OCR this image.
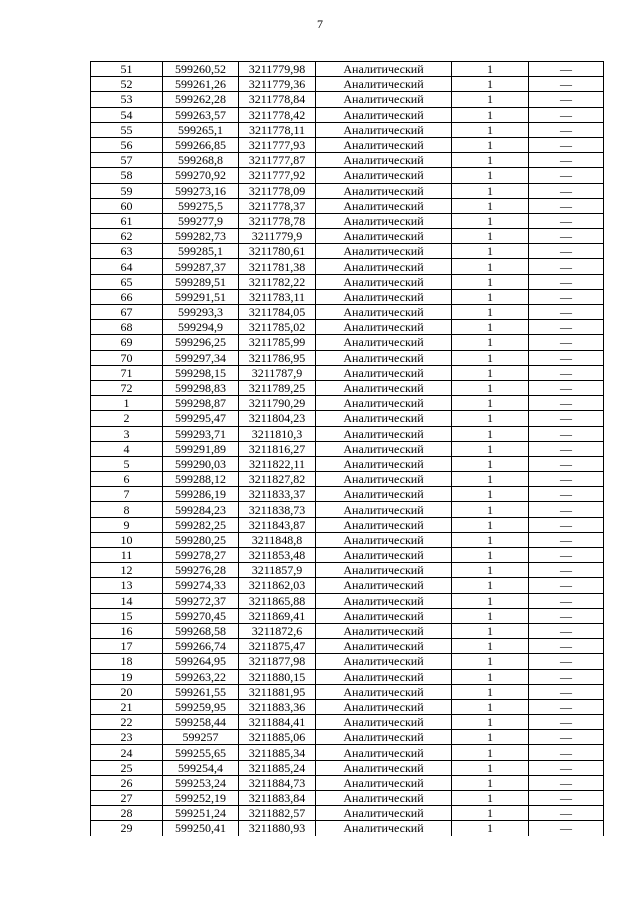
7
51	599260,52	3211779,98	Аналитический	1	—
52	599261,26	3211779,36	Аналитический	1	—
53	599262,28	3211778,84	Аналитический	1	—
54	599263,57	3211778,42	Аналитический	1	—
55	599265,1	3211778,11	Аналитический	1	—
56	599266,85	3211777,93	Аналитический	1	—
57	599268,8	3211777,87	Аналитический	1	—
58	599270,92	3211777,92	Аналитический	1	—
59	599273,16	3211778,09	Аналитический	1	—
60	599275,5	3211778,37	Аналитический	1	—
61	599277,9	3211778,78	Аналитический	1	—
62	599282,73	3211779,9	Аналитический	1	—
63	599285,1	3211780,61	Аналитический	1	—
64	599287,37	3211781,38	Аналитический	1	—
65	599289,51	3211782,22	Аналитический	1	—
66	599291,51	3211783,11	Аналитический	1	—
67	599293,3	3211784,05	Аналитический	1	—
68	599294,9	3211785,02	Аналитический	1	—
69	599296,25	3211785,99	Аналитический	1	—
70	599297,34	3211786,95	Аналитический	1	—
71	599298,15	3211787,9	Аналитический	1	—
72	599298,83	3211789,25	Аналитический	1	—
1	599298,87	3211790,29	Аналитический	1	—
2	599295,47	3211804,23	Аналитический	1	—
3	599293,71	3211810,3	Аналитический	1	—
4	599291,89	3211816,27	Аналитический	1	—
5	599290,03	3211822,11	Аналитический	1	—
6	599288,12	3211827,82	Аналитический	1	—
7	599286,19	3211833,37	Аналитический	1	—
8	599284,23	3211838,73	Аналитический	1	—
9	599282,25	3211843,87	Аналитический	1	—
10	599280,25	3211848,8	Аналитический	1	—
11	599278,27	3211853,48	Аналитический	1	—
12	599276,28	3211857,9	Аналитический	1	—
13	599274,33	3211862,03	Аналитический	1	—
14	599272,37	3211865,88	Аналитический	1	—
15	599270,45	3211869,41	Аналитический	1	—
16	599268,58	3211872,6	Аналитический	1	—
17	599266,74	3211875,47	Аналитический	1	—
18	599264,95	3211877,98	Аналитический	1	—
19	599263,22	3211880,15	Аналитический	1	—
20	599261,55	3211881,95	Аналитический	1	—
21	599259,95	3211883,36	Аналитический	1	—
22	599258,44	3211884,41	Аналитический	1	—
23	599257	3211885,06	Аналитический	1	—
24	599255,65	3211885,34	Аналитический	1	—
25	599254,4	3211885,24	Аналитический	1	—
26	599253,24	3211884,73	Аналитический	1	—
27	599252,19	3211883,84	Аналитический	1	—
28	599251,24	3211882,57	Аналитический	1	—
29	599250,41	3211880,93	Аналитический	1	—
